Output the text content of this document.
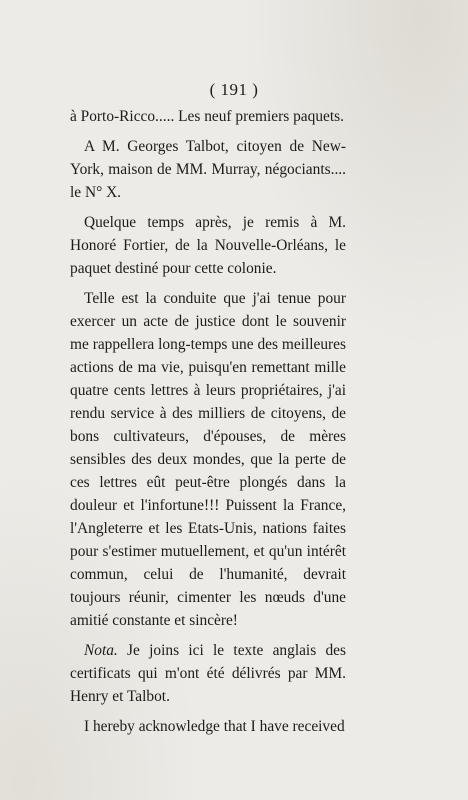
( 191 )

à Porto-Ricco..... Les neuf premiers paquets.

A M. Georges Talbot, citoyen de New-York, maison de MM. Murray, négociants.... le N° X.

Quelque temps après, je remis à M. Honoré Fortier, de la Nouvelle-Orléans, le paquet destiné pour cette colonie.

Telle est la conduite que j'ai tenue pour exercer un acte de justice dont le souvenir me rappellera long-temps une des meilleures actions de ma vie, puisqu'en remettant mille quatre cents lettres à leurs propriétaires, j'ai rendu service à des milliers de citoyens, de bons cultivateurs, d'épouses, de mères sensibles des deux mondes, que la perte de ces lettres eût peut-être plongés dans la douleur et l'infortune!!! Puissent la France, l'Angleterre et les Etats-Unis, nations faites pour s'estimer mutuellement, et qu'un intérêt commun, celui de l'humanité, devrait toujours réunir, cimenter les nœuds d'une amitié constante et sincère!

Nota. Je joins ici le texte anglais des certificats qui m'ont été délivrés par MM. Henry et Talbot.

I hereby acknowledge that I have received
